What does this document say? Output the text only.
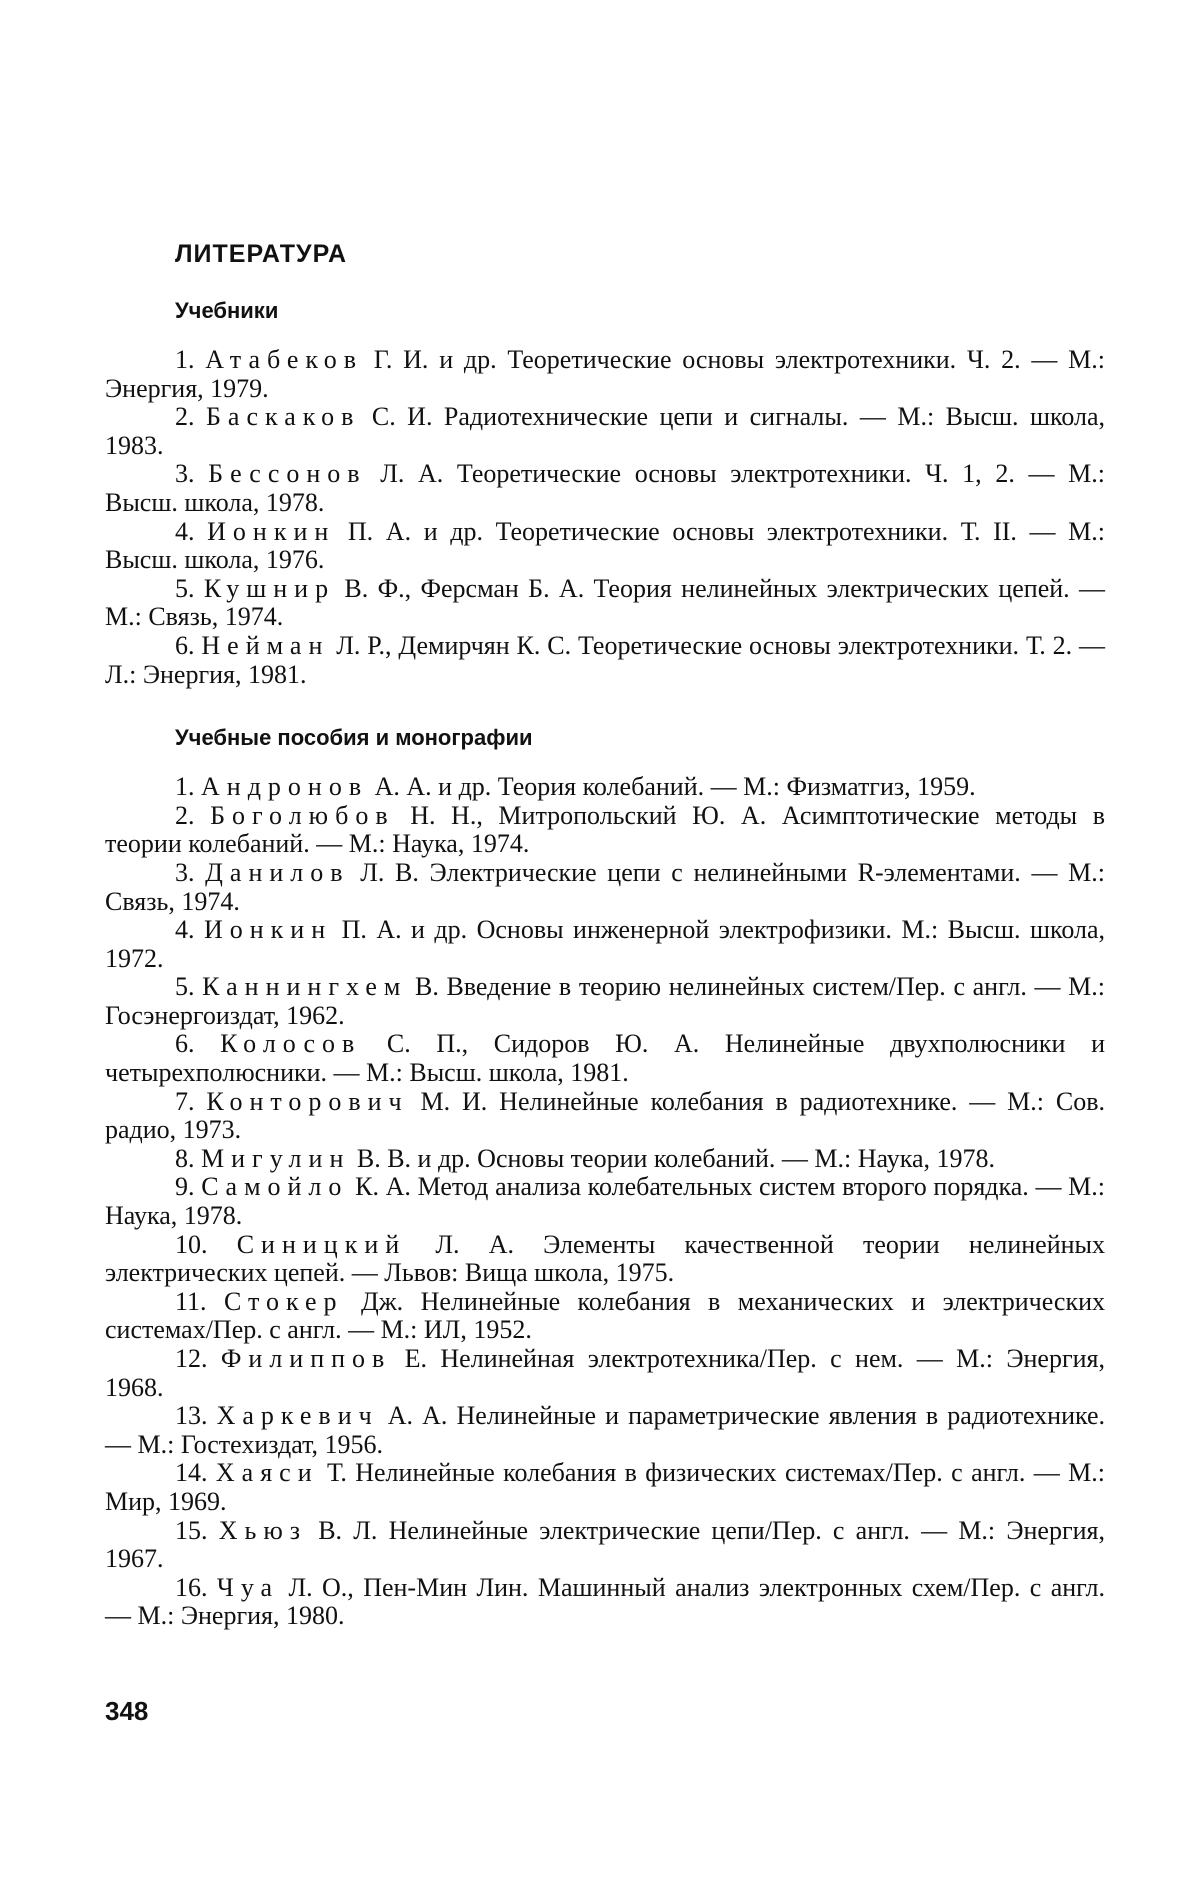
ЛИТЕРАТУРА
Учебники

1. Атабеков Г. И. и др. Теоретические основы электротехники. Ч. 2. — М.: Энергия, 1979.

2. Баскаков С. И. Радиотехнические цепи и сигналы. — М.: Высш. школа, 1983.

3. Бессонов Л. А. Теоретические основы электротехники. Ч. 1, 2. — М.: Высш. школа, 1978.

4. Ионкин П. А. и др. Теоретические основы электротехники. Т. II. — М.: Высш. школа, 1976.

5. Кушнир В. Ф., Ферсман Б. А. Теория нелинейных электрических цепей. — М.: Связь, 1974.

6. Нейман Л. Р., Демирчян К. С. Теоретические основы электротехники. Т. 2. — Л.: Энергия, 1981.

Учебные пособия и монографии

1. Андронов А. А. и др. Теория колебаний. — М.: Физматгиз, 1959.

2. Боголюбов Н. Н., Митропольский Ю. А. Асимптотические методы в теории колебаний. — М.: Наука, 1974.

3. Данилов Л. В. Электрические цепи с нелинейными R-элементами. — М.: Связь, 1974.

4. Ионкин П. А. и др. Основы инженерной электрофизики. М.: Высш. школа, 1972.

5. Каннингхем В. Введение в теорию нелинейных систем/Пер. с англ. — М.: Госэнергоиздат, 1962.

6. Колосов С. П., Сидоров Ю. А. Нелинейные двухполюсники и четырехполюсники. — М.: Высш. школа, 1981.

7. Конторович М. И. Нелинейные колебания в радиотехнике. — М.: Сов. радио, 1973.

8. Мигулин В. В. и др. Основы теории колебаний. — М.: Наука, 1978.

9. Самойло К. А. Метод анализа колебательных систем второго порядка. — М.: Наука, 1978.

10. Синицкий Л. А. Элементы качественной теории нелинейных электрических цепей. — Львов: Вища школа, 1975.

11. Стокер Дж. Нелинейные колебания в механических и электрических системах/Пер. с англ. — М.: ИЛ, 1952.

12. Филиппов Е. Нелинейная электротехника/Пер. с нем. — М.: Энергия, 1968.

13. Харкевич А. А. Нелинейные и параметрические явления в радиотехнике. — М.: Гостехиздат, 1956.

14. Хаяси Т. Нелинейные колебания в физических системах/Пер. с англ. — М.: Мир, 1969.

15. Хьюз В. Л. Нелинейные электрические цепи/Пер. с англ. — М.: Энергия, 1967.

16. Чуа Л. О., Пен-Мин Лин. Машинный анализ электронных схем/Пер. с англ. — М.: Энергия, 1980.

348
